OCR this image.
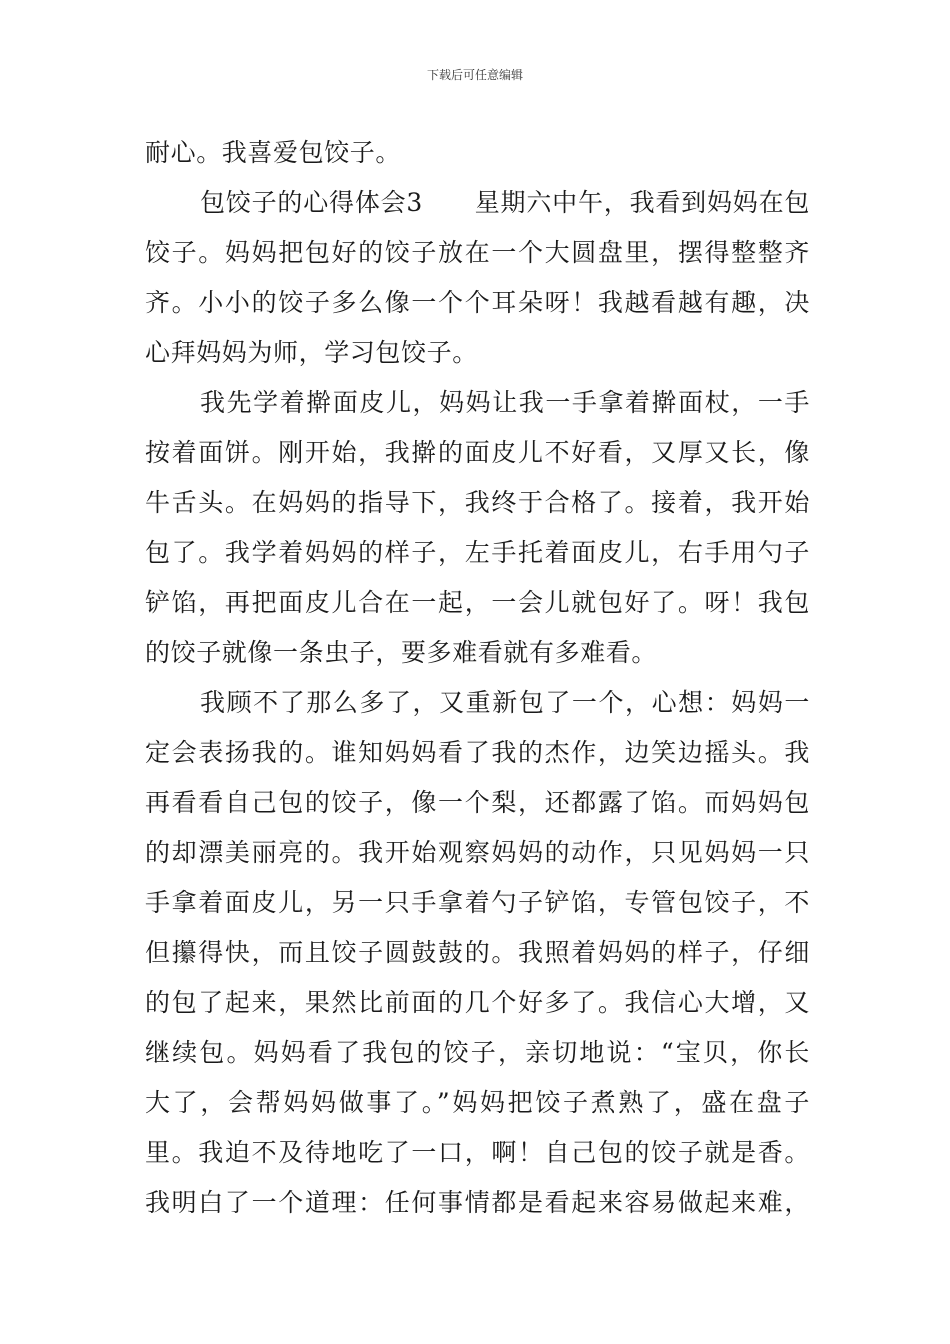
下载后可任意编辑
耐心。我喜爱包饺子。
包饺子的心得体会3　　星期六中午，我看到妈妈在包
饺子。妈妈把包好的饺子放在一个大圆盘里，摆得整整齐
齐。小小的饺子多么像一个个耳朵呀！我越看越有趣，决
心拜妈妈为师，学习包饺子。
我先学着擀面皮儿，妈妈让我一手拿着擀面杖，一手
按着面饼。刚开始，我擀的面皮儿不好看，又厚又长，像
牛舌头。在妈妈的指导下，我终于合格了。接着，我开始
包了。我学着妈妈的样子，左手托着面皮儿，右手用勺子
铲馅，再把面皮儿合在一起，一会儿就包好了。呀！我包
的饺子就像一条虫子，要多难看就有多难看。
我顾不了那么多了，又重新包了一个，心想：妈妈一
定会表扬我的。谁知妈妈看了我的杰作，边笑边摇头。我
再看看自己包的饺子，像一个梨，还都露了馅。而妈妈包
的却漂美丽亮的。我开始观察妈妈的动作，只见妈妈一只
手拿着面皮儿，另一只手拿着勺子铲馅，专管包饺子，不
但攥得快，而且饺子圆鼓鼓的。我照着妈妈的样子，仔细
的包了起来，果然比前面的几个好多了。我信心大增，又
继续包。妈妈看了我包的饺子，亲切地说：“宝贝，你长
大了，会帮妈妈做事了。”妈妈把饺子煮熟了，盛在盘子
里。我迫不及待地吃了一口，啊！自己包的饺子就是香。
我明白了一个道理：任何事情都是看起来容易做起来难，
